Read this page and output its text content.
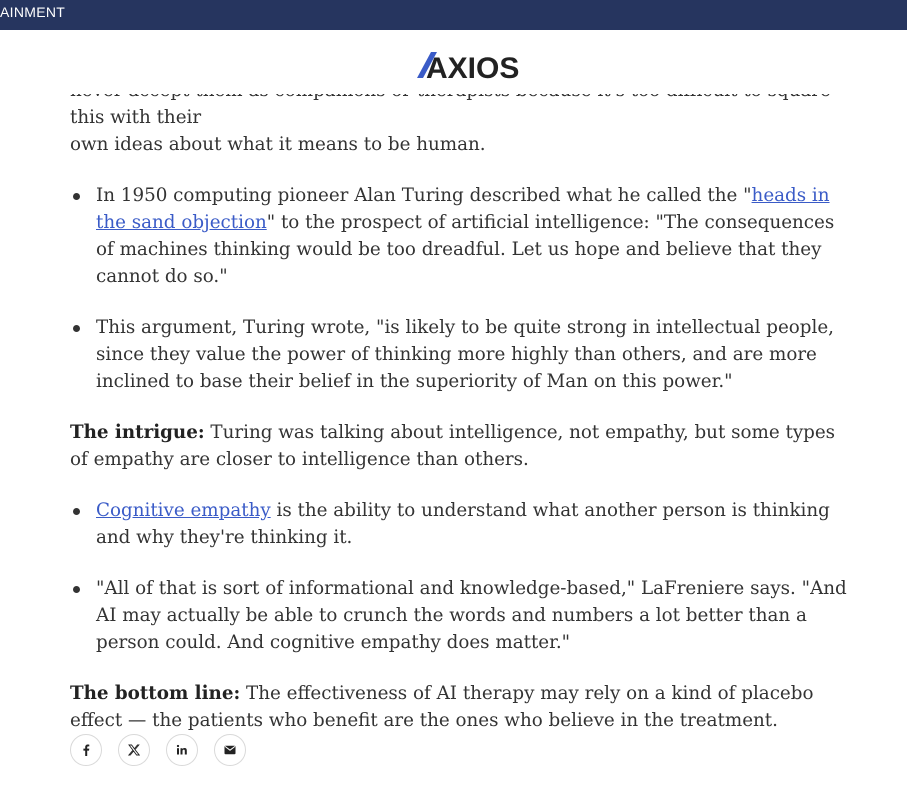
AINMENT
AXIOS

this with their

own ideas about what it means to be human.

In 1950 computing pioneer Alan Turing described what he called the "heads in the sand objection" to the prospect of artificial intelligence: "The consequences of machines thinking would be too dreadful. Let us hope and believe that they cannot do so."
This argument, Turing wrote, "is likely to be quite strong in intellectual people, since they value the power of thinking more highly than others, and are more inclined to base their belief in the superiority of Man on this power."

The intrigue: Turing was talking about intelligence, not empathy, but some types of empathy are closer to intelligence than others.

Cognitive empathy is the ability to understand what another person is thinking and why they're thinking it.
"All of that is sort of informational and knowledge-based," LaFreniere says. "And AI may actually be able to crunch the words and numbers a lot better than a person could. And cognitive empathy does matter."

The bottom line: The effectiveness of AI therapy may rely on a kind of placebo effect — the patients who benefit are the ones who believe in the treatment.
